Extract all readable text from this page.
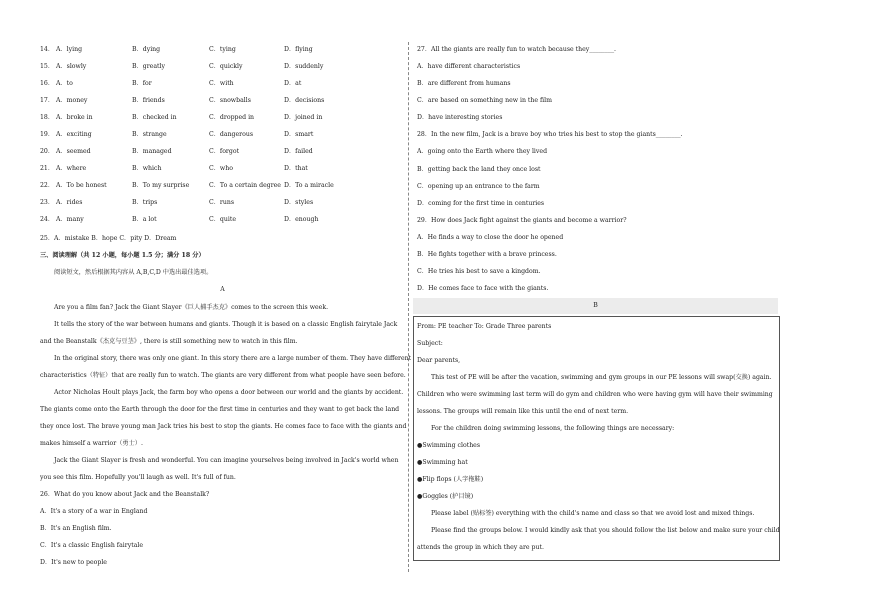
14． A．lying	B．dying	C．tying	D．flying
15． A．slowly	B．greatly	C．quickly	D．suddenly
16． A．to	B．for	C．with	D．at
17． A．money	B．friends	C．snowballs	D．decisions
18． A．broke in	B．checked in	C．dropped in	D．joined in
19． A．exciting	B．strange	C．dangerous	D．smart
20． A．seemed	B．managed	C．forgot	D．failed
21． A．where	B．which	C．who	D．that
22． A．To be honest	B．To my surprise	C．To a certain degree D．To a miracle
23． A．rides	B．trips	C．runs	D．styles
24． A．many	B．a lot	C．quite	D．enough
25．A．mistake B．hope C．pity D．Dream
三、阅读理解（共 12 小题，每小题 1.5 分；满分 18 分）
阅读短文，然后根据其内容从 A,B,C,D 中选出最佳选项。
A
Are you a film fan? Jack the Giant Slayer《巨人捕手杰克》comes to the screen this week.
It tells the story of the war between humans and giants. Though it is based on a classic English fairytale Jack
and the Beanstalk《杰克与豆茎》, there is still something new to watch in this film.
In the original story, there was only one giant. In this story there are a large number of them. They have different
characteristics（特征）that are really fun to watch. The giants are very different from what people have seen before.
Actor Nicholas Hoult plays Jack, the farm boy who opens a door between our world and the giants by accident.
The giants come onto the Earth through the door for the first time in centuries and they want to get back the land
they once lost. The brave young man Jack tries his best to stop the giants. He comes face to face with the giants and
makes himself a warrior（勇士）.
Jack the Giant Slayer is fresh and wonderful. You can imagine yourselves being involved in Jack's world when
you see this film. Hopefully you'll laugh as well. It's full of fun.
26．What do you know about Jack and the Beanstalk?
A．It's a story of a war in England
B．It's an English film.
C．It's a classic English fairytale
D．It's new to people
27．All the giants are really fun to watch because they________.
A．have different characteristics
B．are different from humans
C．are based on something new in the film
D．have interesting stories
28．In the new film, Jack is a brave boy who tries his best to stop the giants________.
A．going onto the Earth where they lived
B．getting back the land they once lost
C．opening up an entrance to the farm
D．coming for the first time in centuries
29．How does Jack fight against the giants and become a warrior?
A．He finds a way to close the door he opened
B．He fights together with a brave princess.
C．He tries his best to save a kingdom.
D．He comes face to face with the giants.
B
From: PE teacher To: Grade Three parents
Subject:
Dear parents,
This test of PE will be after the vacation, swimming and gym groups in our PE lessons will swap(交换) again.
Children who were swimming last term will do gym and children who were having gym will have their swimming
lessons. The groups will remain like this until the end of next term.
For the children doing swimming lessons, the following things are necessary:
●Swimming clothes
●Swimming hat
●Flip flops (人字拖鞋)
●Goggles (护目镜)
Please label (贴标签) everything with the child's name and class so that we avoid lost and mixed things.
Please find the groups below. I would kindly ask that you should follow the list below and make sure your child
attends the group in which they are put.
